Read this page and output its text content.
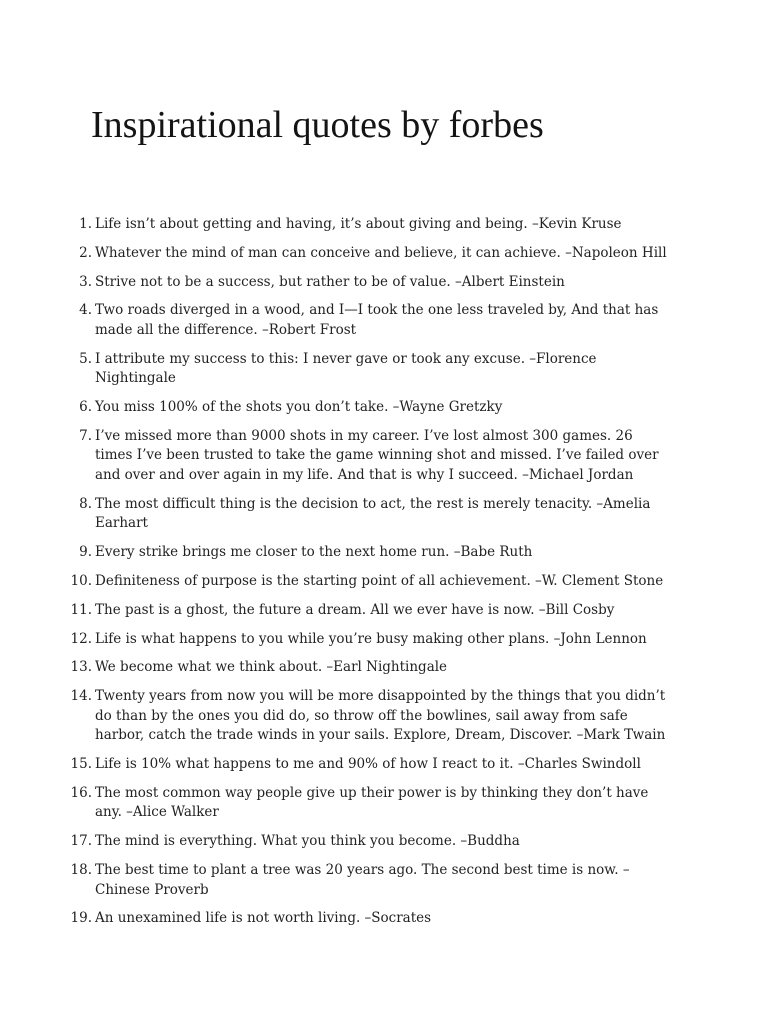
Inspirational quotes by forbes
1. Life isn’t about getting and having, it’s about giving and being. –Kevin Kruse
2. Whatever the mind of man can conceive and believe, it can achieve. –Napoleon Hill
3. Strive not to be a success, but rather to be of value. –Albert Einstein
4. Two roads diverged in a wood, and I—I took the one less traveled by, And that has made all the difference. –Robert Frost
5. I attribute my success to this: I never gave or took any excuse. –Florence Nightingale
6. You miss 100% of the shots you don’t take. –Wayne Gretzky
7. I’ve missed more than 9000 shots in my career. I’ve lost almost 300 games. 26 times I’ve been trusted to take the game winning shot and missed. I’ve failed over and over and over again in my life. And that is why I succeed. –Michael Jordan
8. The most difficult thing is the decision to act, the rest is merely tenacity. –Amelia Earhart
9. Every strike brings me closer to the next home run. –Babe Ruth
10. Definiteness of purpose is the starting point of all achievement. –W. Clement Stone
11. The past is a ghost, the future a dream. All we ever have is now. –Bill Cosby
12. Life is what happens to you while you’re busy making other plans. –John Lennon
13. We become what we think about. –Earl Nightingale
14. Twenty years from now you will be more disappointed by the things that you didn’t do than by the ones you did do, so throw off the bowlines, sail away from safe harbor, catch the trade winds in your sails. Explore, Dream, Discover. –Mark Twain
15. Life is 10% what happens to me and 90% of how I react to it. –Charles Swindoll
16. The most common way people give up their power is by thinking they don’t have any. –Alice Walker
17. The mind is everything. What you think you become. –Buddha
18. The best time to plant a tree was 20 years ago. The second best time is now. –Chinese Proverb
19. An unexamined life is not worth living. –Socrates
